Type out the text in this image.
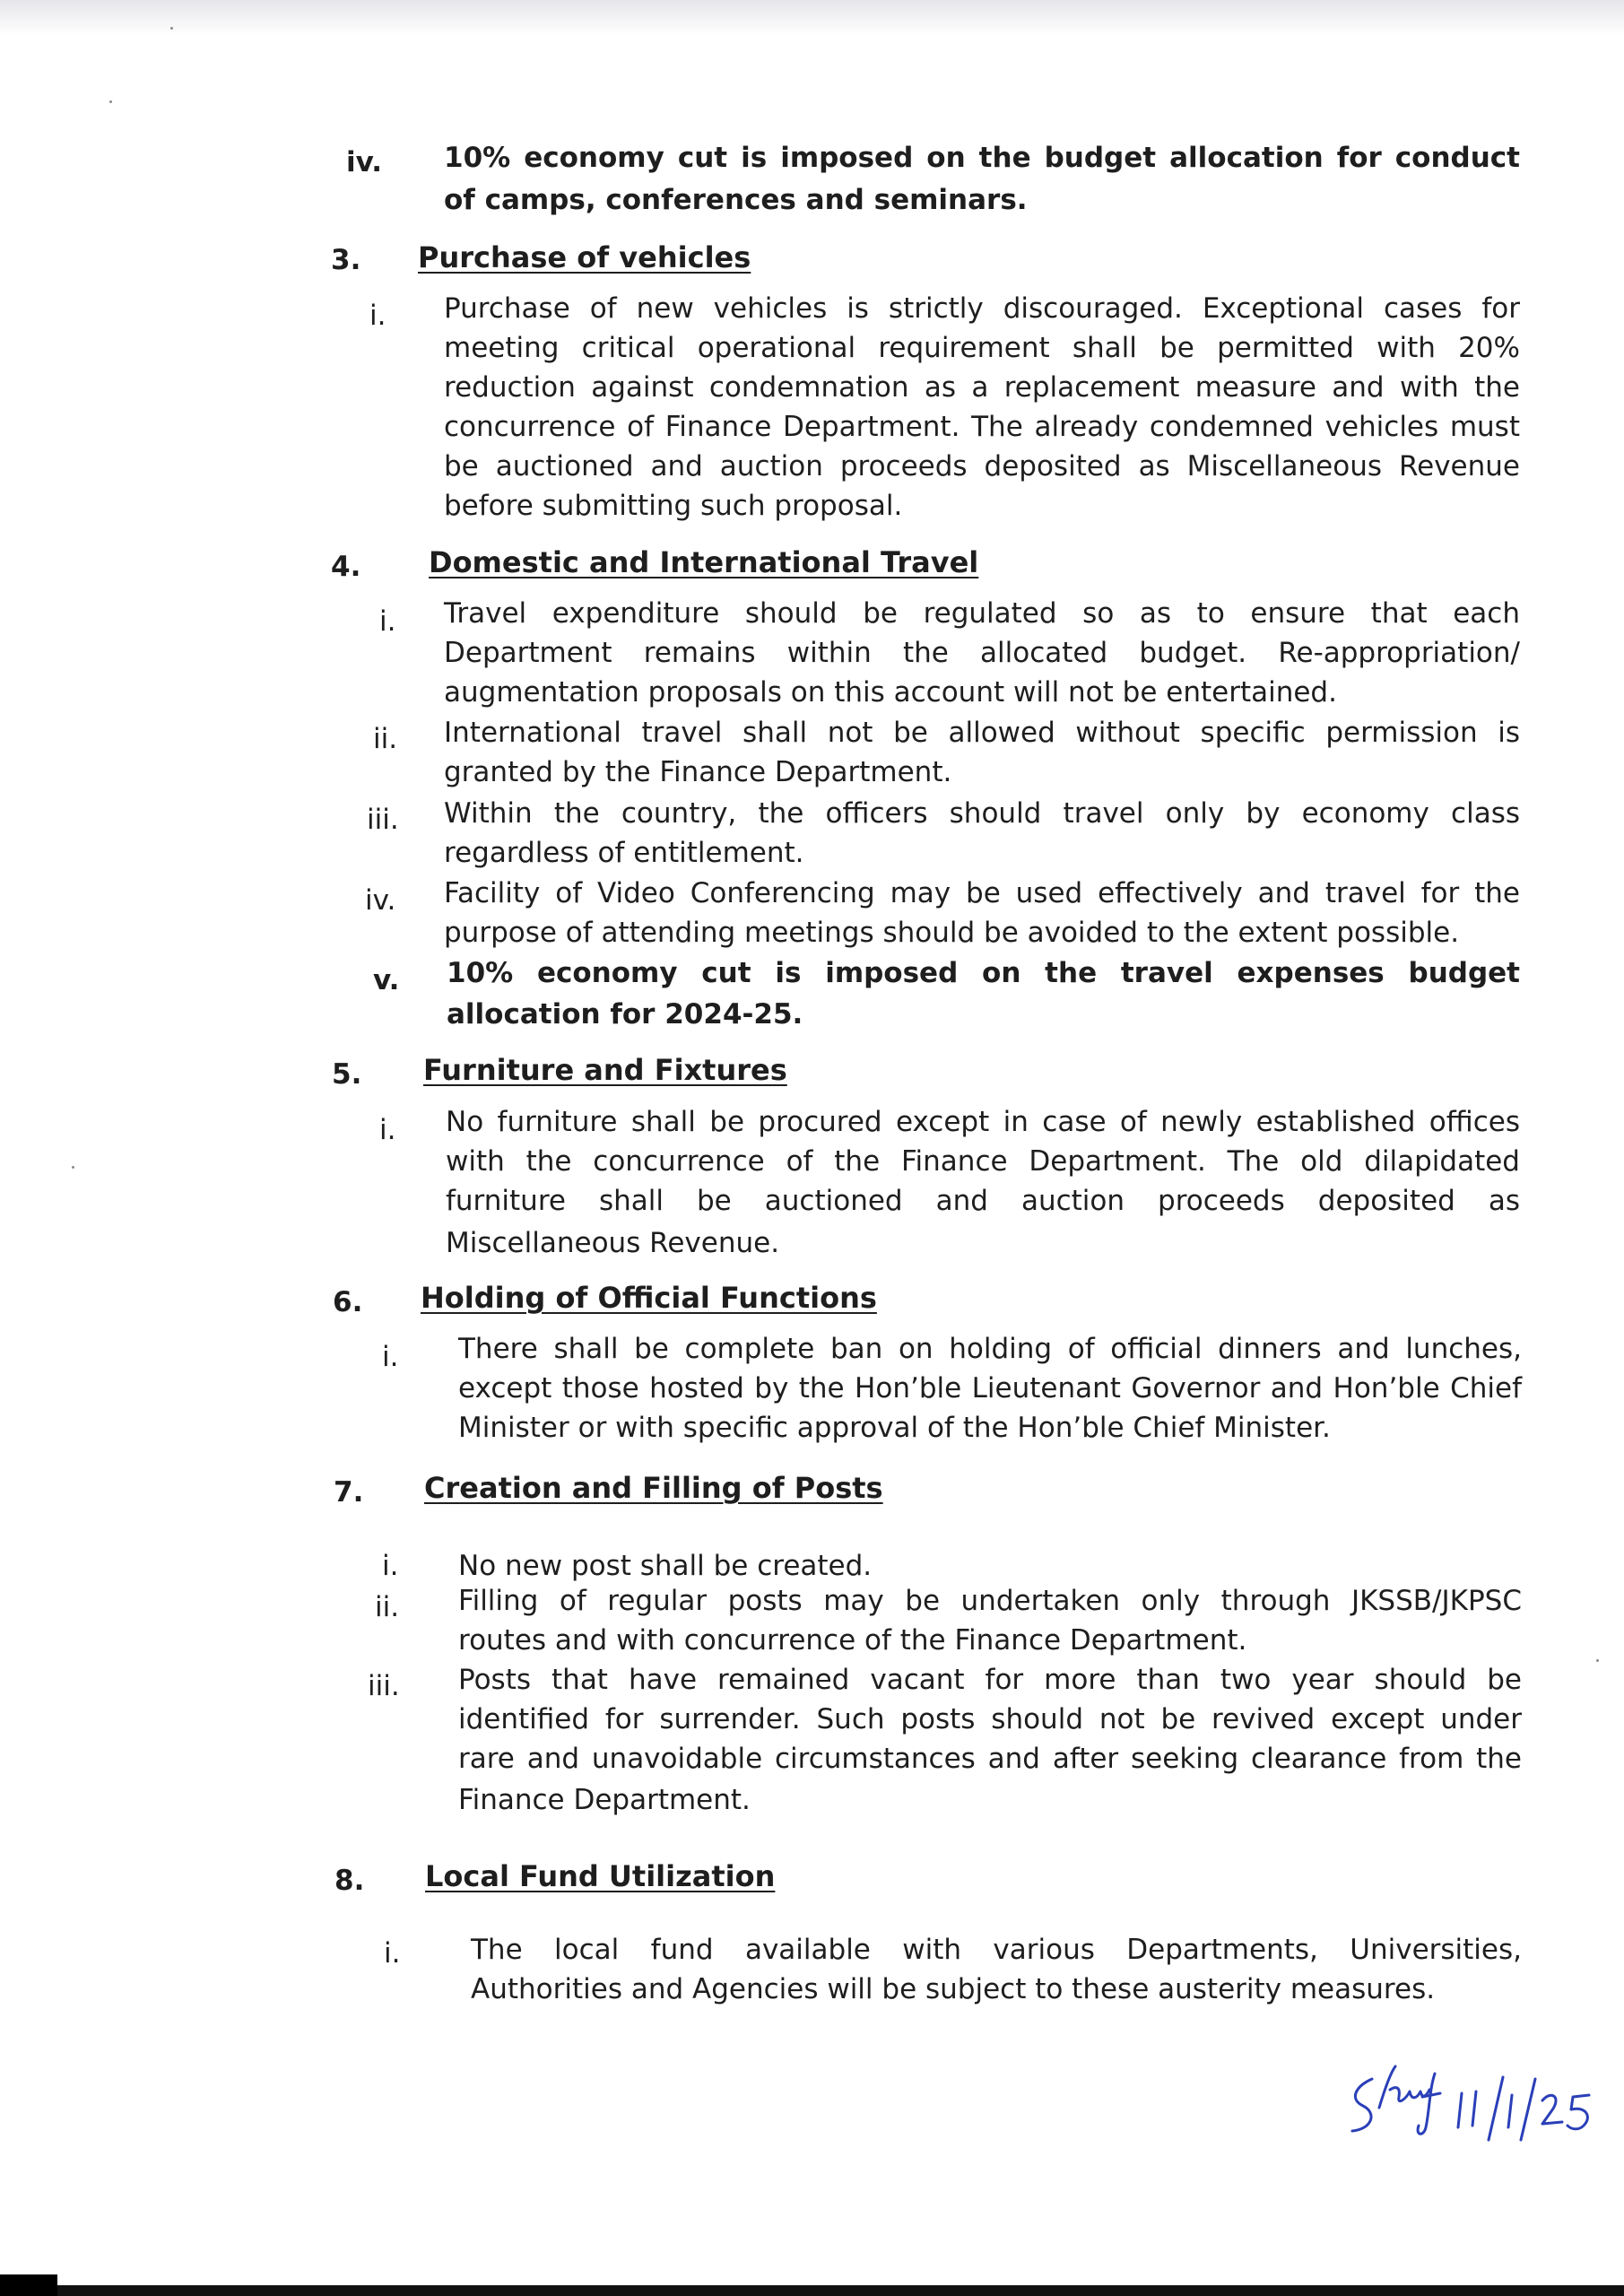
iv. 10% economy cut is imposed on the budget allocation for conduct
of camps, conferences and seminars.
3. Purchase of vehicles
i. Purchase of new vehicles is strictly discouraged. Exceptional cases for
meeting critical operational requirement shall be permitted with 20%
reduction against condemnation as a replacement measure and with the
concurrence of Finance Department. The already condemned vehicles must
be auctioned and auction proceeds deposited as Miscellaneous Revenue
before submitting such proposal.
4. Domestic and International Travel
i. Travel expenditure should be regulated so as to ensure that each
Department remains within the allocated budget. Re-appropriation/
augmentation proposals on this account will not be entertained.
ii. International travel shall not be allowed without specific permission is
granted by the Finance Department.
iii. Within the country, the officers should travel only by economy class
regardless of entitlement.
iv. Facility of Video Conferencing may be used effectively and travel for the
purpose of attending meetings should be avoided to the extent possible.
v. 10% economy cut is imposed on the travel expenses budget
allocation for 2024-25.
5. Furniture and Fixtures
i. No furniture shall be procured except in case of newly established offices
with the concurrence of the Finance Department. The old dilapidated
furniture shall be auctioned and auction proceeds deposited as
Miscellaneous Revenue.
6. Holding of Official Functions
i. There shall be complete ban on holding of official dinners and lunches,
except those hosted by the Hon’ble Lieutenant Governor and Hon’ble Chief
Minister or with specific approval of the Hon’ble Chief Minister.
7. Creation and Filling of Posts
i. No new post shall be created.
ii. Filling of regular posts may be undertaken only through JKSSB/JKPSC
routes and with concurrence of the Finance Department.
iii. Posts that have remained vacant for more than two year should be
identified for surrender. Such posts should not be revived except under
rare and unavoidable circumstances and after seeking clearance from the
Finance Department.
8. Local Fund Utilization
i.	The local fund available with various Departments, Universities,
Authorities and Agencies will be subject to these austerity measures.
